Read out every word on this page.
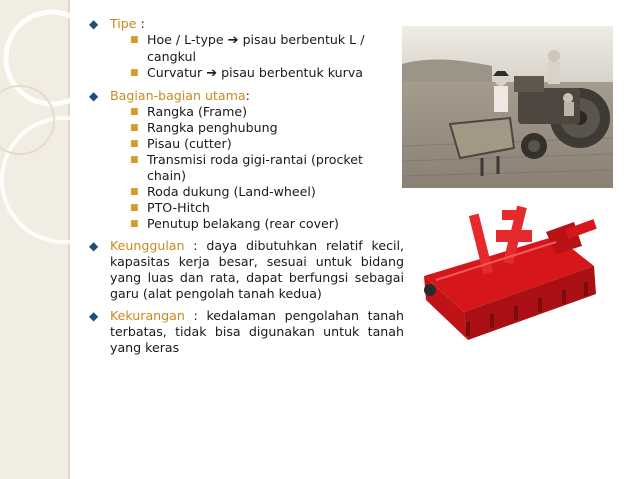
◆ Tipe :
■ Hoe / L-type ➔ pisau berbentuk L / cangkul
■ Curvatur ➔ pisau berbentuk kurva
◆ Bagian-bagian utama:
■ Rangka (Frame)
■ Rangka penghubung
■ Pisau (cutter)
■ Transmisi roda gigi-rantai (procket chain)
■ Roda dukung (Land-wheel)
■ PTO-Hitch
■ Penutup belakang (rear cover)
◆ Keunggulan : daya dibutuhkan relatif kecil, kapasitas kerja besar, sesuai untuk bidang yang luas dan rata, dapat berfungsi sebagai garu (alat pengolah tanah kedua)
◆ Kekurangan : kedalaman pengolahan tanah terbatas, tidak bisa digunakan untuk tanah yang keras
